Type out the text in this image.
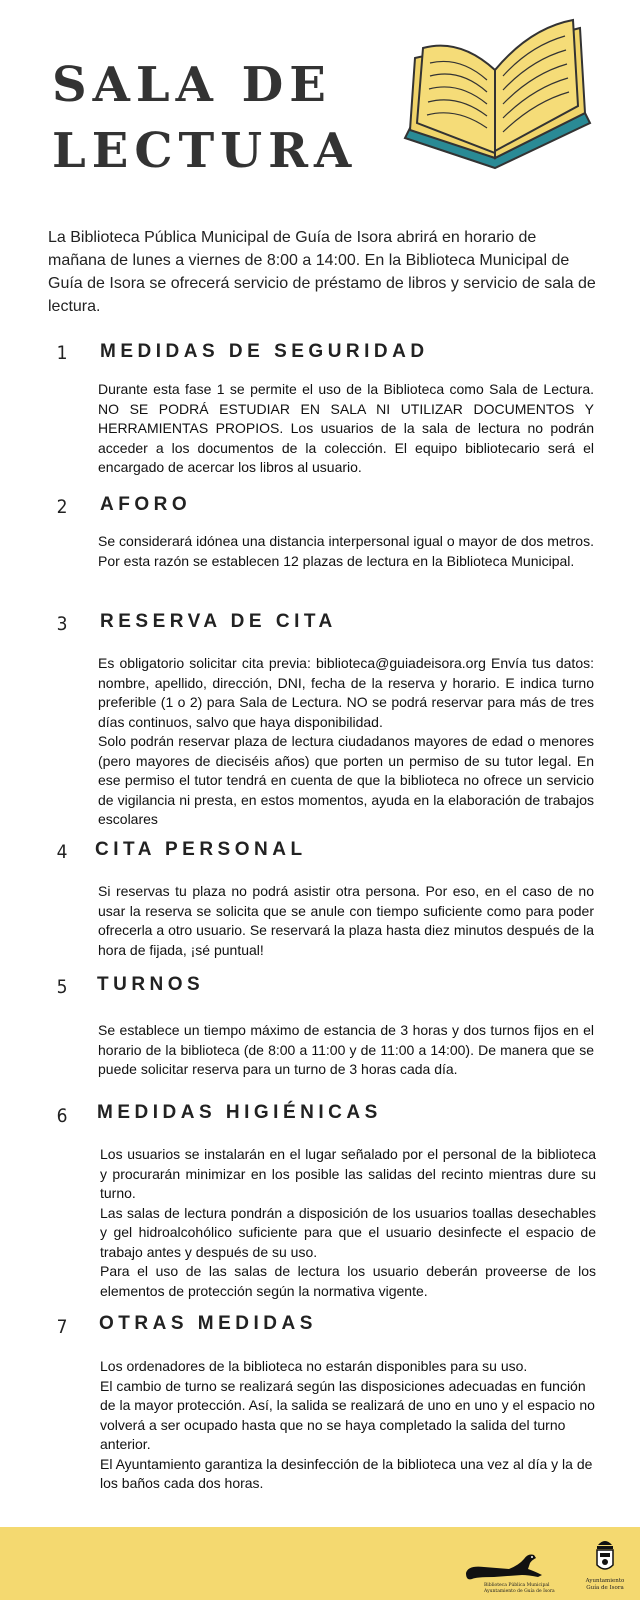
SALA DE
LECTURA

La Biblioteca Pública Municipal de Guía de Isora abrirá en horario de mañana de lunes a viernes de 8:00 a 14:00. En la Biblioteca Municipal de Guía de Isora se ofrecerá servicio de préstamo de libros y servicio de sala de lectura.

1 MEDIDAS DE SEGURIDAD

Durante esta fase 1 se permite el uso de la Biblioteca como Sala de Lectura. NO SE PODRÁ ESTUDIAR EN SALA NI UTILIZAR DOCUMENTOS Y HERRAMIENTAS PROPIOS. Los usuarios de la sala de lectura no podrán acceder a los documentos de la colección. El equipo bibliotecario será el encargado de acercar los libros al usuario.

2 AFORO

Se considerará idónea una distancia interpersonal igual o mayor de dos metros. Por esta razón se establecen 12 plazas de lectura en la Biblioteca Municipal.

3 RESERVA DE CITA

Es obligatorio solicitar cita previa: biblioteca@guiadeisora.org Envía tus datos: nombre, apellido, dirección, DNI, fecha de la reserva y horario. E indica turno preferible (1 o 2) para Sala de Lectura. NO se podrá reservar para más de tres días continuos, salvo que haya disponibilidad.

Solo podrán reservar plaza de lectura ciudadanos mayores de edad o menores (pero mayores de dieciséis años) que porten un permiso de su tutor legal. En ese permiso el tutor tendrá en cuenta de que la biblioteca no ofrece un servicio de vigilancia ni presta, en estos momentos, ayuda en la elaboración de trabajos escolares

4 CITA PERSONAL

Si reservas tu plaza no podrá asistir otra persona. Por eso, en el caso de no usar la reserva se solicita que se anule con tiempo suficiente como para poder ofrecerla a otro usuario. Se reservará la plaza hasta diez minutos después de la hora de fijada, ¡sé puntual!

5 TURNOS

Se establece un tiempo máximo de estancia de 3 horas y dos turnos fijos en el horario de la biblioteca (de 8:00 a 11:00 y de 11:00 a 14:00). De manera que se puede solicitar reserva para un turno de 3 horas cada día.

6 MEDIDAS HIGIÉNICAS

Los usuarios se instalarán en el lugar señalado por el personal de la biblioteca y procurarán minimizar en los posible las salidas del recinto mientras dure su turno.

Las salas de lectura pondrán a disposición de los usuarios toallas desechables y gel hidroalcohólico suficiente para que el usuario desinfecte el espacio de trabajo antes y después de su uso.

Para el uso de las salas de lectura los usuario deberán proveerse de los elementos de protección según la normativa vigente.

7 OTRAS MEDIDAS

Los ordenadores de la biblioteca no estarán disponibles para su uso.

El cambio de turno se realizará según las disposiciones adecuadas en función de la mayor protección. Así, la salida se realizará de uno en uno y el espacio no volverá a ser ocupado hasta que no se haya completado la salida del turno anterior.

El Ayuntamiento garantiza la desinfección de la biblioteca una vez al día y la de los baños cada dos horas.

Biblioteca Pública Municipal
Ayuntamiento de Guía de Isora
Ayuntamiento
Guía de Isora
